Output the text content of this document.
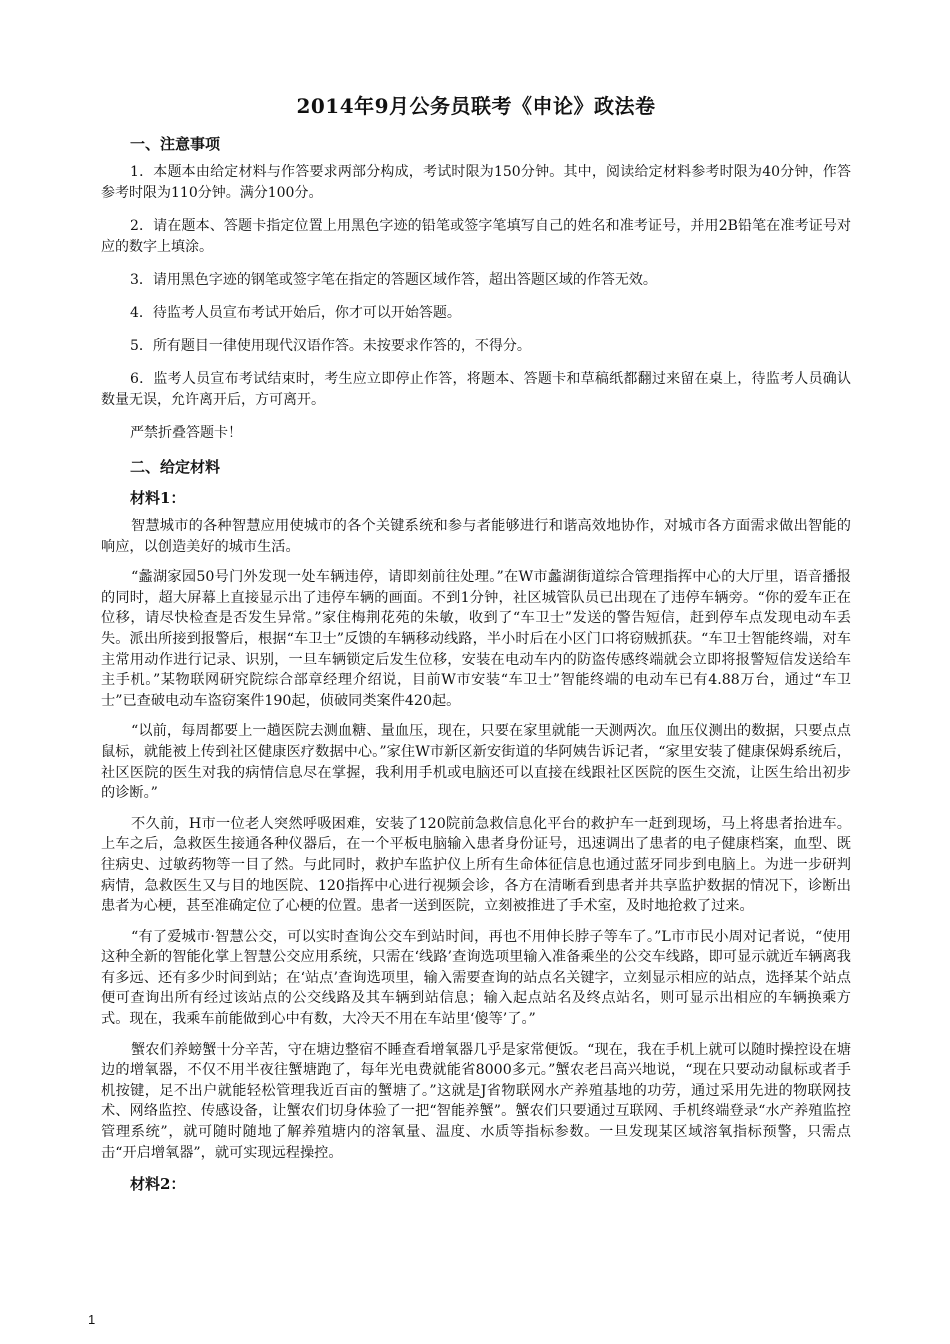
2014年9月公务员联考《申论》政法卷
一、注意事项

1．本题本由给定材料与作答要求两部分构成，考试时限为150分钟。其中，阅读给定材料参考时限为40分钟，作答参考时限为110分钟。满分100分。

2．请在题本、答题卡指定位置上用黑色字迹的铅笔或签字笔填写自己的姓名和准考证号，并用2B铅笔在准考证号对应的数字上填涂。

3．请用黑色字迹的钢笔或签字笔在指定的答题区域作答，超出答题区域的作答无效。

4．待监考人员宣布考试开始后，你才可以开始答题。

5．所有题目一律使用现代汉语作答。未按要求作答的，不得分。

6．监考人员宣布考试结束时，考生应立即停止作答，将题本、答题卡和草稿纸都翻过来留在桌上，待监考人员确认数量无误，允许离开后，方可离开。

严禁折叠答题卡！

二、给定材料
材料1：

智慧城市的各种智慧应用使城市的各个关键系统和参与者能够进行和谐高效地协作，对城市各方面需求做出智能的响应，以创造美好的城市生活。

“蠡湖家园50号门外发现一处车辆违停，请即刻前往处理。”在W市蠡湖街道综合管理指挥中心的大厅里，语音播报的同时，超大屏幕上直接显示出了违停车辆的画面。不到1分钟，社区城管队员已出现在了违停车辆旁。“你的爱车正在位移，请尽快检查是否发生异常。”家住梅荆花苑的朱敏，收到了“车卫士”发送的警告短信，赶到停车点发现电动车丢失。派出所接到报警后，根据“车卫士”反馈的车辆移动线路，半小时后在小区门口将窃贼抓获。“车卫士智能终端，对车主常用动作进行记录、识别，一旦车辆锁定后发生位移，安装在电动车内的防盗传感终端就会立即将报警短信发送给车主手机。”某物联网研究院综合部章经理介绍说，目前W市安装“车卫士”智能终端的电动车已有4.88万台，通过“车卫士”已查破电动车盗窃案件190起，侦破同类案件420起。

“以前，每周都要上一趟医院去测血糖、量血压，现在，只要在家里就能一天测两次。血压仪测出的数据，只要点点鼠标，就能被上传到社区健康医疗数据中心。”家住W市新区新安街道的华阿姨告诉记者，“家里安装了健康保姆系统后，社区医院的医生对我的病情信息尽在掌握，我利用手机或电脑还可以直接在线跟社区医院的医生交流，让医生给出初步的诊断。”

不久前，H市一位老人突然呼吸困难，安装了120院前急救信息化平台的救护车一赶到现场，马上将患者抬进车。上车之后，急救医生接通各种仪器后，在一个平板电脑输入患者身份证号，迅速调出了患者的电子健康档案，血型、既往病史、过敏药物等一目了然。与此同时，救护车监护仪上所有生命体征信息也通过蓝牙同步到电脑上。为进一步研判病情，急救医生又与目的地医院、120指挥中心进行视频会诊，各方在清晰看到患者并共享监护数据的情况下，诊断出患者为心梗，甚至准确定位了心梗的位置。患者一送到医院，立刻被推进了手术室，及时地抢救了过来。

“有了爱城市·智慧公交，可以实时查询公交车到站时间，再也不用伸长脖子等车了。”L市市民小周对记者说，“使用这种全新的智能化掌上智慧公交应用系统，只需在‘线路’查询选项里输入准备乘坐的公交车线路，即可显示就近车辆离我有多远、还有多少时间到站；在‘站点’查询选项里，输入需要查询的站点名关键字，立刻显示相应的站点，选择某个站点便可查询出所有经过该站点的公交线路及其车辆到站信息；输入起点站名及终点站名，则可显示出相应的车辆换乘方式。现在，我乘车前能做到心中有数，大冷天不用在车站里‘傻等’了。”

蟹农们养螃蟹十分辛苦，守在塘边整宿不睡查看增氧器几乎是家常便饭。“现在，我在手机上就可以随时操控设在塘边的增氧器，不仅不用半夜往蟹塘跑了，每年光电费就能省8000多元。”蟹农老吕高兴地说，“现在只要动动鼠标或者手机按键，足不出户就能轻松管理我近百亩的蟹塘了。”这就是J省物联网水产养殖基地的功劳，通过采用先进的物联网技术、网络监控、传感设备，让蟹农们切身体验了一把“智能养蟹”。蟹农们只要通过互联网、手机终端登录“水产养殖监控管理系统”，就可随时随地了解养殖塘内的溶氧量、温度、水质等指标参数。一旦发现某区域溶氧指标预警，只需点击“开启增氧器”，就可实现远程操控。

材料2：
1
